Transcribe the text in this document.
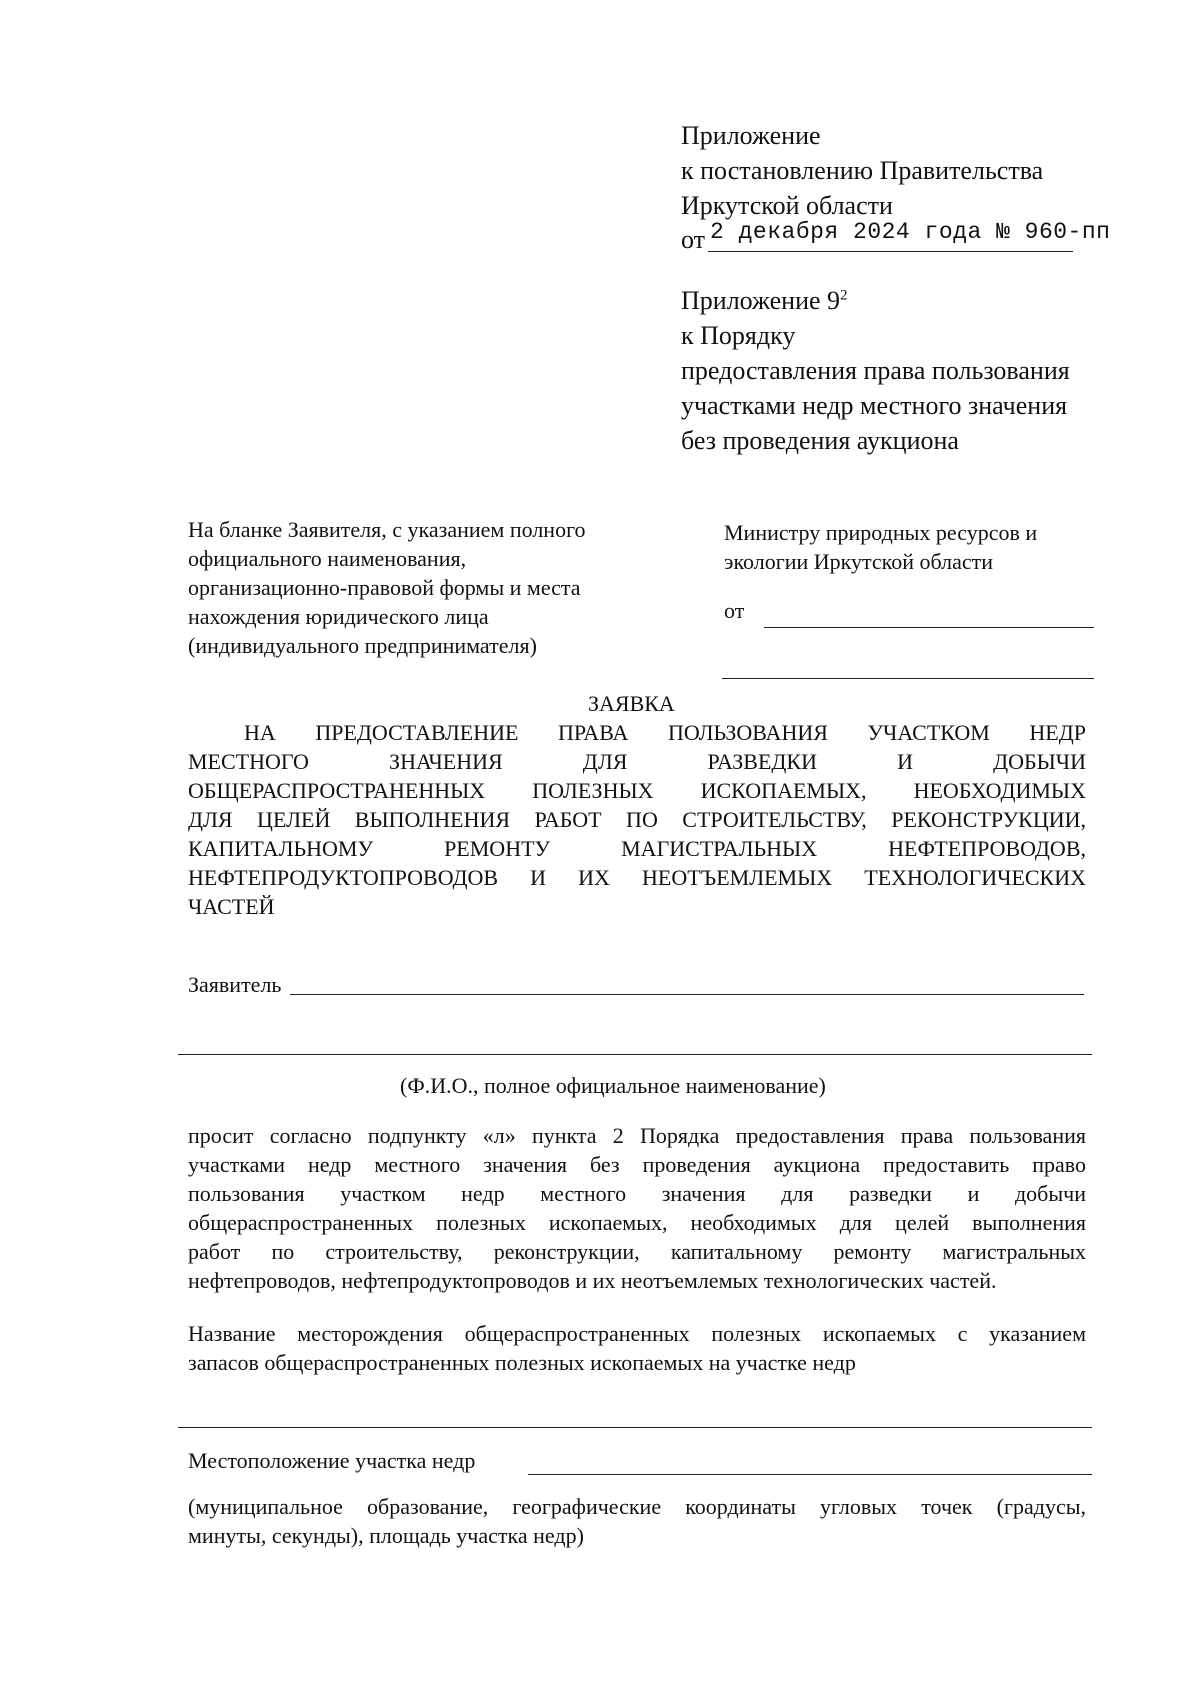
Приложение
к постановлению Правительства
Иркутской области
от 2 декабря 2024 года № 960-пп
Приложение $9^2$
к Порядку
предоставления права пользования
участками недр местного значения
без проведения аукциона
На бланке Заявителя, с указанием полного
официального наименования,
организационно-правовой формы и места
нахождения юридического лица
(индивидуального предпринимателя)
Министру природных ресурсов и
экологии Иркутской области
от
ЗАЯВКА
НА ПРЕДОСТАВЛЕНИЕ ПРАВА ПОЛЬЗОВАНИЯ УЧАСТКОМ НЕДР
МЕСТНОГО ЗНАЧЕНИЯ ДЛЯ РАЗВЕДКИ И ДОБЫЧИ
ОБЩЕРАСПРОСТРАНЕННЫХ ПОЛЕЗНЫХ ИСКОПАЕМЫХ, НЕОБХОДИМЫХ
ДЛЯ ЦЕЛЕЙ ВЫПОЛНЕНИЯ РАБОТ ПО СТРОИТЕЛЬСТВУ, РЕКОНСТРУКЦИИ,
КАПИТАЛЬНОМУ РЕМОНТУ МАГИСТРАЛЬНЫХ НЕФТЕПРОВОДОВ,
НЕФТЕПРОДУКТОПРОВОДОВ И ИХ НЕОТЪЕМЛЕМЫХ ТЕХНОЛОГИЧЕСКИХ
ЧАСТЕЙ
Заявитель
(Ф.И.О., полное официальное наименование)
просит согласно подпункту «л» пункта 2 Порядка предоставления права пользования
участками недр местного значения без проведения аукциона предоставить право
пользования участком недр местного значения для разведки и добычи
общераспространенных полезных ископаемых, необходимых для целей выполнения
работ по строительству, реконструкции, капитальному ремонту магистральных
нефтепроводов, нефтепродуктопроводов и их неотъемлемых технологических частей.
Название месторождения общераспространенных полезных ископаемых с указанием
запасов общераспространенных полезных ископаемых на участке недр
Местоположение участка недр
(муниципальное образование, географические координаты угловых точек (градусы,
минуты, секунды), площадь участка недр)
